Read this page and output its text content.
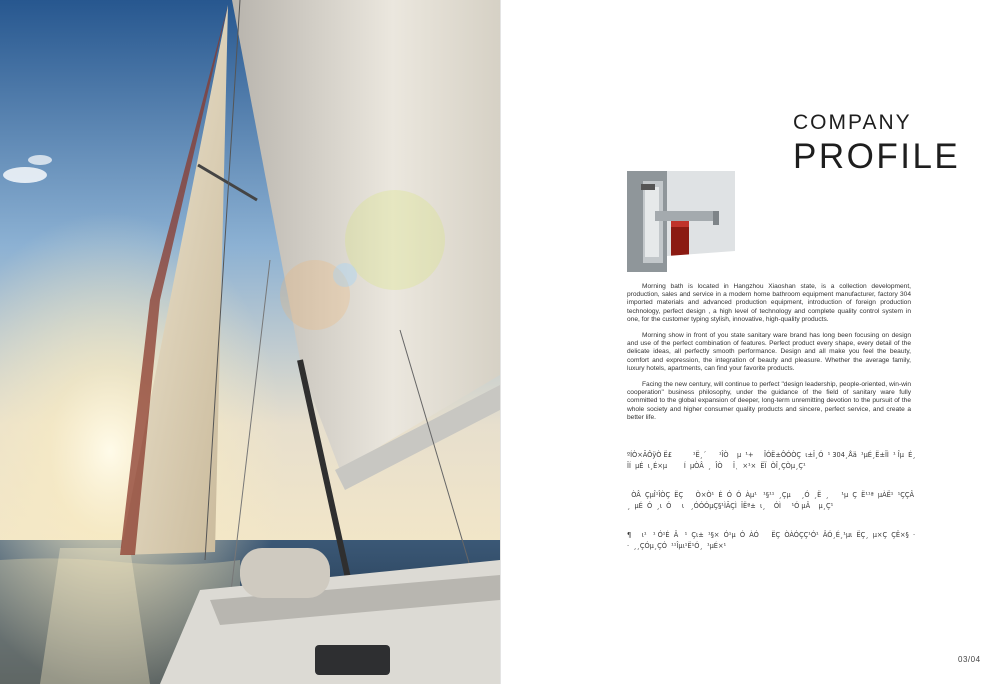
COMPANY
PROFILE

Morning bath is located in Hangzhou Xiaoshan state, is a collection development, production, sales and service in a modern home bathroom equipment manufacturer, factory 304 imported materials and advanced production equipment, introduction of foreign production technology, perfect design , a high level of technology and complete quality control system in one, for the customer typing stylish, innovative, high-quality products.

Morning show in front of you state sanitary ware brand has long been focusing on design and use of the perfect combination of features. Perfect product every shape, every detail of the delicate ideas, all perfectly smooth performance. Design and all make you feel the beauty, comfort and expression, the integration of beauty and pleasure. Whether the average family, luxury hotels, apartments, can find your favorite products.

Facing the new century, will continue to perfect "design leadership, people-oriented, win-win cooperation" business philosophy, under the guidance of the field of sanitary ware fully committed to the global expansion of deeper, long-term unremitting devotion to the pursuit of the whole society and higher consumer quality products and sincere, perfect service, and create a better life.

ºÍÒ×ÃÔÿÒ Ë£          ¹Ë¸´      ¹ÎÒ    µ  ¹+     ÎÓË±ÔÓÒÇ  ι±Ï¸Ó  ¹ 304¸Åä  ¹µÉ¸Ë±ÏÌ  ¹ Îµ  É¸     ÏÍ  µÉ  ι¸É×µ        Í  µÒÂ  ¸  ÎÒ     Ïͺ  ×¹×  ËÏ  ÒÎ¸ÇÒµ¸Ç¹
ÒÂ  ÇµÎ¹ÎÒÇ  ËÇ      Ò×Ò¹  É  Ó  Ó  Àµ¹   ¹§¹¹  ¸Çµ     ¸Ó  ¸Ë  ¸      ¹µ  Ç  Ë¹¹ª  µÀË¹  ¹ÇÇÂ¸  µÉ  Ó  ¸ι  Ó     ι   ¸ÓÓÓµÇ§¹ÌÃÇÌ  ÏËª±  ι¸    ÓÌ     ¹Ó µÂ    µ¸Ç¹
¶     ι¹   ¹ Ó¹É  Â   ¹  Çι±  ¹§×  Ó¹µ  Ó  ÀÓ      ËÇ  ÒÀÓÇÇ¹Ó¹  ÂÓ¸É¸¹µι  ËÇ¸  µ×Ç  ÇË×§  ·  ·  ¸¸ÇÓµ¸ÇÓ  ¹¹Îµι¹Ë¹Ó¸  ¹µÉ×¹
03/04
